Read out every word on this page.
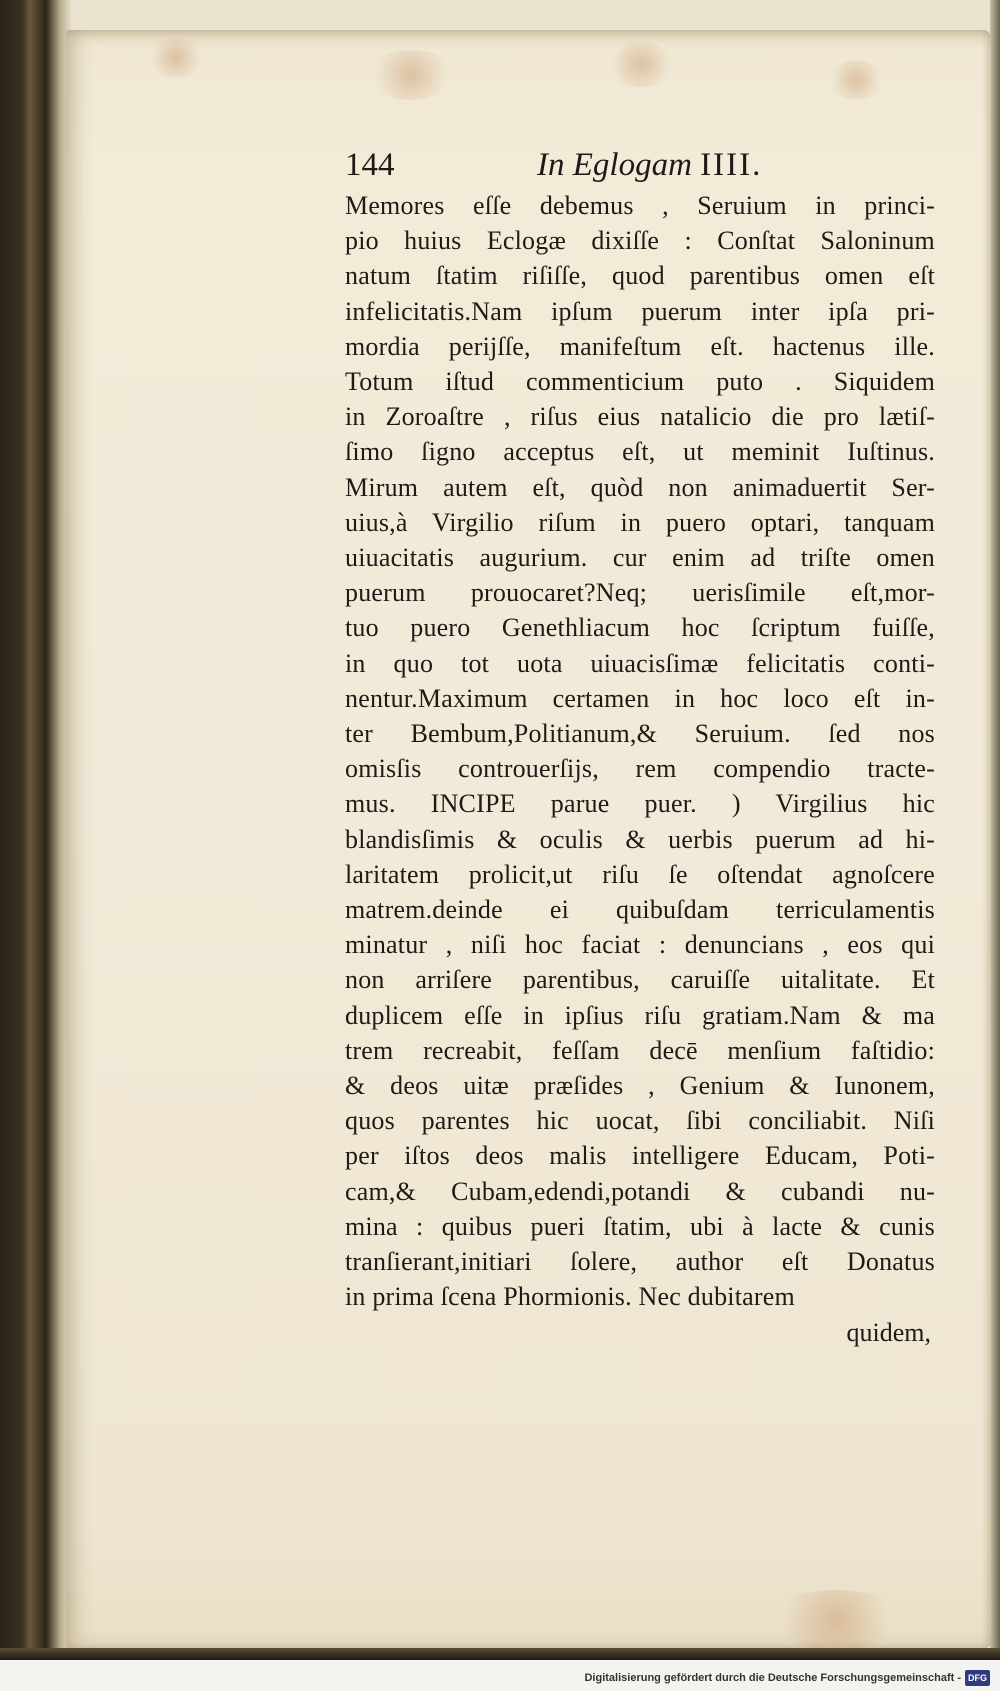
144	In Eglogam IIII.
Memores eſſe debemus , Seruium in princi-
pio huius Eclogæ dixiſſe : Conſtat Saloninum
natum ſtatim riſiſſe, quod parentibus omen eſt
infelicitatis.Nam ipſum puerum inter ipſa pri-
mordia perijſſe, manifeſtum eſt. hactenus ille.
Totum iſtud commenticium puto . Siquidem
in Zoroaſtre , riſus eius natalicio die pro lætiſ-
ſimo ſigno acceptus eſt, ut meminit Iuſtinus.
Mirum autem eſt, quòd non animaduertit Ser-
uius,à Virgilio riſum in puero optari, tanquam
uiuacitatis augurium. cur enim ad triſte omen
puerum prouocaret?Neq; uerisſimile eſt,mor-
tuo puero Genethliacum hoc ſcriptum fuiſſe,
in quo tot uota uiuacisſimæ felicitatis conti-
nentur.Maximum certamen in hoc loco eſt in-
ter Bembum,Politianum,& Seruium. ſed nos
omisſis controuerſijs, rem compendio tracte-
mus. INCIPE parue puer. ) Virgilius hic
blandisſimis & oculis & uerbis puerum ad hi-
laritatem prolicit,ut riſu ſe oſtendat agnoſcere
matrem.deinde ei quibuſdam terriculamentis
minatur , niſi hoc faciat : denuncians , eos qui
non arriſere parentibus, caruiſſe uitalitate. Et
duplicem eſſe in ipſius riſu gratiam.Nam & ma
trem recreabit, feſſam decē menſium faſtidio:
& deos uitæ præſides , Genium & Iunonem,
quos parentes hic uocat, ſibi conciliabit. Niſi
per iſtos deos malis intelligere Educam, Poti-
cam,& Cubam,edendi,potandi & cubandi nu-
mina : quibus pueri ſtatim, ubi à lacte & cunis
tranſierant,initiari ſolere, author eſt Donatus
in prima ſcena Phormionis. Nec dubitarem
quidem,
Digitalisierung gefördert durch die Deutsche Forschungsgemeinschaft - DFG
